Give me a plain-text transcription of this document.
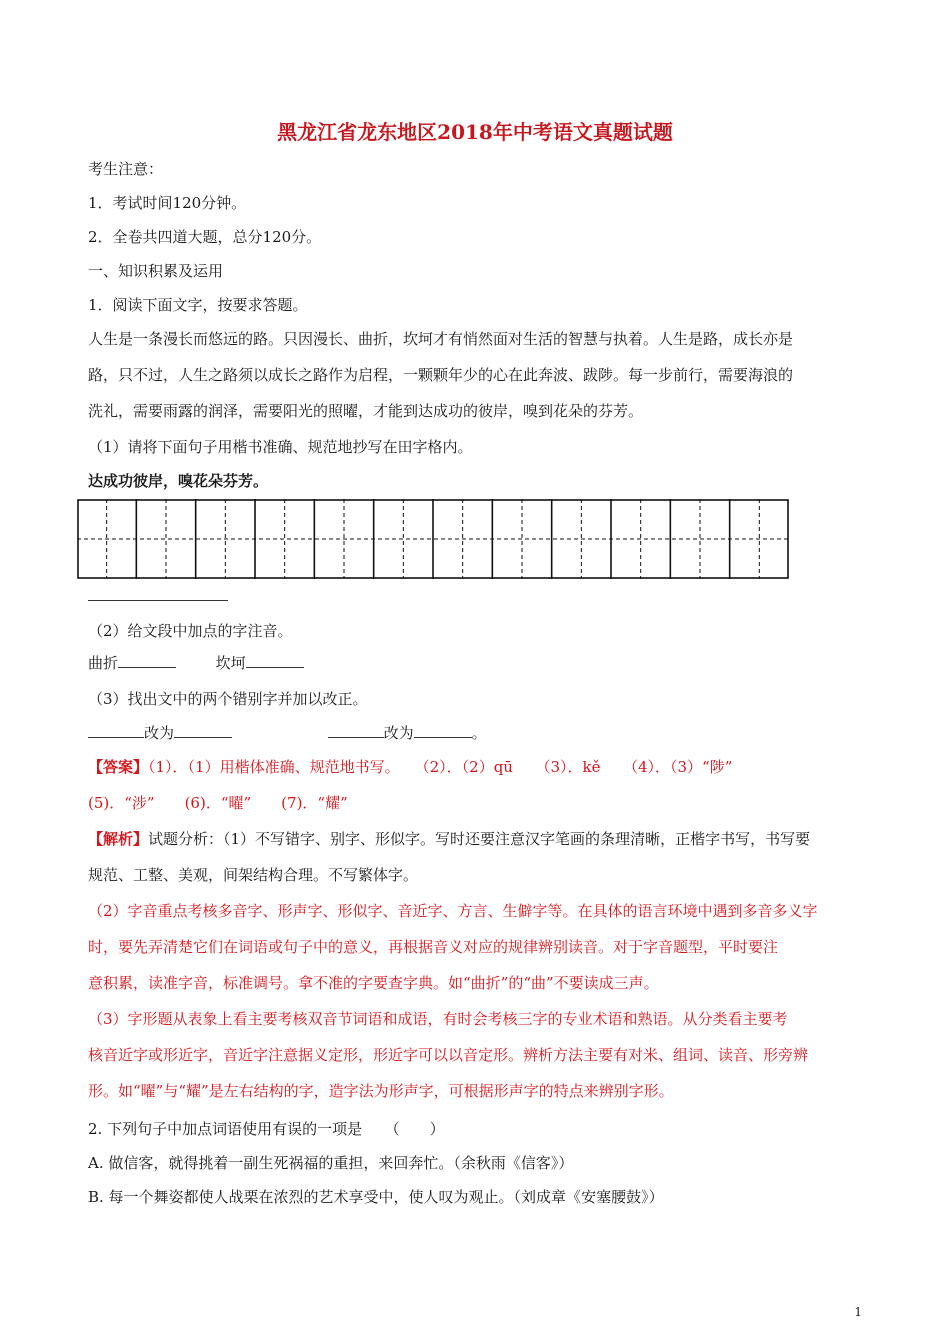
黑龙江省龙东地区2018年中考语文真题试题
考生注意：
1．考试时间120分钟。
2．全卷共四道大题，总分120分。
一、知识积累及运用
1．阅读下面文字，按要求答题。
人生是一条漫长而悠远的路。只因漫长、曲折，坎坷才有悄然面对生活的智慧与执着。人生是路，成长亦是
路，只不过，人生之路须以成长之路作为启程，一颗颗年少的心在此奔波、跋陟。每一步前行，需要海浪的
洗礼，需要雨露的润泽，需要阳光的照曜，才能到达成功的彼岸，嗅到花朵的芬芳。
（1）请将下面句子用楷书准确、规范地抄写在田字格内。
达成功彼岸，嗅花朵芬芳。
（2）给文段中加点的字注音。
曲折	坎坷
（3）找出文中的两个错别字并加以改正。
改为	改为	。
【答案】（1）．（1）用楷体准确、规范地书写。　　（2）．（2）qū　　（3）．kě　　（4）．（3）“陟”
(5)．“涉”　　(6)．“曜”　　(7)．“耀”
【解析】试题分析：（1）不写错字、别字、形似字。写时还要注意汉字笔画的条理清晰，正楷字书写，书写要
规范、工整、美观，间架结构合理。不写繁体字。
（2）字音重点考核多音字、形声字、形似字、音近字、方言、生僻字等。在具体的语言环境中遇到多音多义字
时，要先弄清楚它们在词语或句子中的意义，再根据音义对应的规律辨别读音。对于字音题型，平时要注
意积累，读准字音，标准调号。拿不准的字要查字典。如“曲折”的“曲”不要读成三声。
（3）字形题从表象上看主要考核双音节词语和成语，有时会考核三字的专业术语和熟语。从分类看主要考
核音近字或形近字，音近字注意据义定形，形近字可以以音定形。辨析方法主要有对米、组词、读音、形旁辨
形。如“曜”与“耀”是左右结构的字，造字法为形声字，可根据形声字的特点来辨别字形。
2. 下列句子中加点词语使用有误的一项是　　（　　）
A. 做信客，就得挑着一副生死祸福的重担，来回奔忙。（余秋雨《信客》）
B. 每一个舞姿都使人战栗在浓烈的艺术享受中，使人叹为观止。（刘成章《安塞腰鼓》）
1
